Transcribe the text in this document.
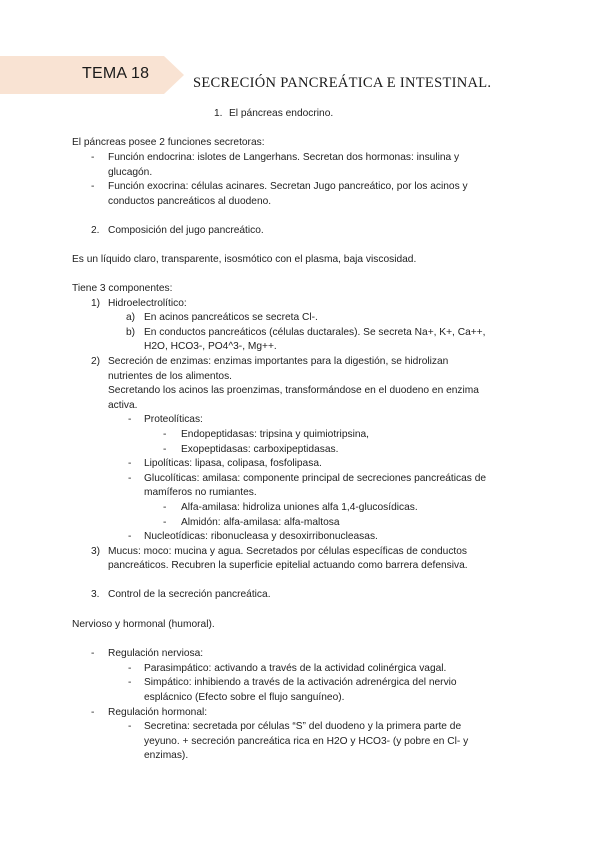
TEMA 18
SECRECIÓN PANCREÁTICA E INTESTINAL.
1. El páncreas endocrino.
El páncreas posee 2 funciones secretoras:
- Función endocrina: islotes de Langerhans. Secretan dos hormonas: insulina y
glucagón.
- Función exocrina: células acinares. Secretan Jugo pancreático, por los acinos y
conductos pancreáticos al duodeno.
2. Composición del jugo pancreático.
Es un líquido claro, transparente, isosmótico con el plasma, baja viscosidad.
Tiene 3 componentes:
1) Hidroelectrolítico:
a) En acinos pancreáticos se secreta Cl-.
b) En conductos pancreáticos (células ductarales). Se secreta Na+, K+, Ca++,
H2O, HCO3-, PO4^3-, Mg++.
2) Secreción de enzimas: enzimas importantes para la digestión, se hidrolizan
nutrientes de los alimentos.
Secretando los acinos las proenzimas, transformándose en el duodeno en enzima
activa.
- Proteolíticas:
- Endopeptidasas: tripsina y quimiotripsina,
- Exopeptidasas: carboxipeptidasas.
- Lipolíticas: lipasa, colipasa, fosfolipasa.
- Glucolíticas: amilasa: componente principal de secreciones pancreáticas de
mamíferos no rumiantes.
- Alfa-amilasa: hidroliza uniones alfa 1,4-glucosídicas.
- Almidón: alfa-amilasa: alfa-maltosa
- Nucleotídicas: ribonucleasa y desoxirribonucleasas.
3) Mucus: moco: mucina y agua. Secretados por células específicas de conductos
pancreáticos. Recubren la superficie epitelial actuando como barrera defensiva.
3. Control de la secreción pancreática.
Nervioso y hormonal (humoral).
- Regulación nerviosa:
- Parasimpático: activando a través de la actividad colinérgica vagal.
- Simpático: inhibiendo a través de la activación adrenérgica del nervio
esplácnico (Efecto sobre el flujo sanguíneo).
- Regulación hormonal:
- Secretina: secretada por células “S” del duodeno y la primera parte de
yeyuno. + secreción pancreática rica en H2O y HCO3- (y pobre en Cl- y
enzimas).
